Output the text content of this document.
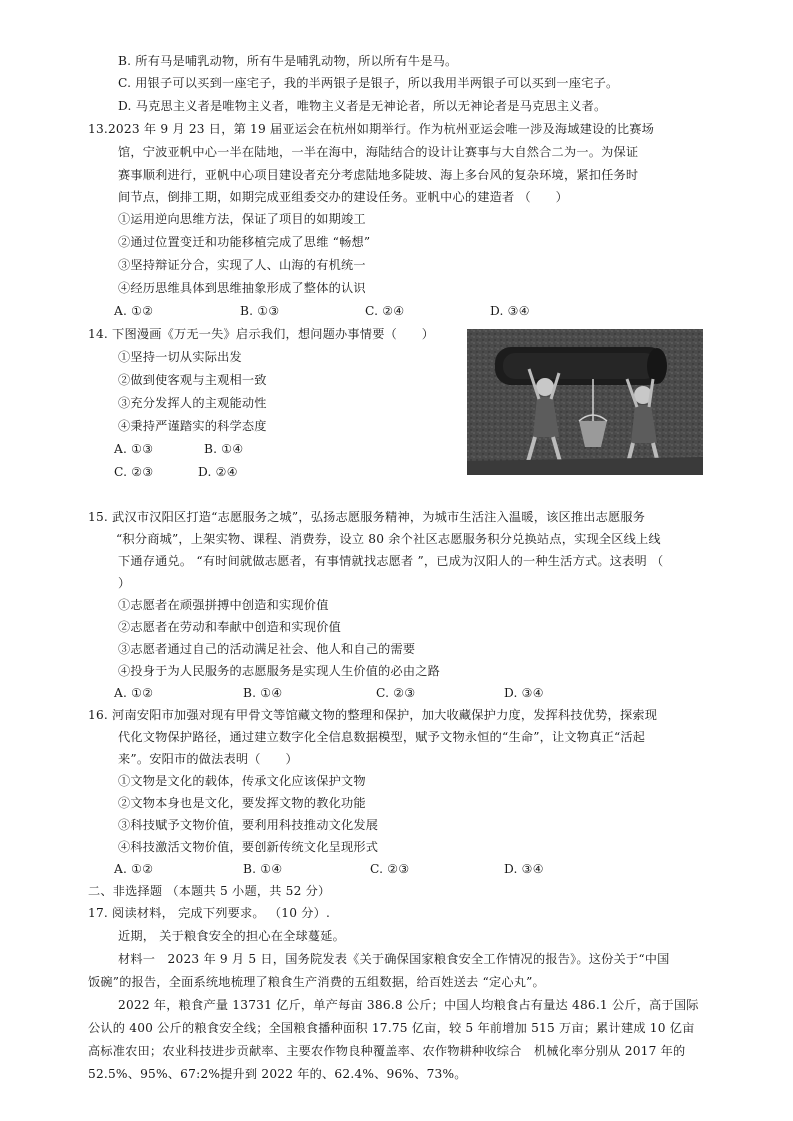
B. 所有马是哺乳动物，所有牛是哺乳动物，所以所有牛是马。
C. 用银子可以买到一座宅子，我的半两银子是银子，所以我用半两银子可以买到一座宅子。
D. 马克思主义者是唯物主义者，唯物主义者是无神论者，所以无神论者是马克思主义者。
13.2023 年 9 月 23 日，第 19 届亚运会在杭州如期举行。作为杭州亚运会唯一涉及海域建设的比赛场
馆，宁波亚帆中心一半在陆地，一半在海中，海陆结合的设计让赛事与大自然合二为一。为保证
赛事顺利进行，亚帆中心项目建设者充分考虑陆地多陡坡、海上多台风的复杂环境，紧扣任务时
间节点，倒排工期，如期完成亚组委交办的建设任务。亚帆中心的建造者 （　　）
①运用逆向思维方法，保证了项目的如期竣工
②通过位置变迁和功能移植完成了思维 “畅想”
③坚持辩证分合，实现了人、山海的有机统一
④经历思维具体到思维抽象形成了整体的认识
A. ①②	B. ①③	C. ②④	D. ③④
14. 下图漫画《万无一失》启示我们，想问题办事情要（　　）
①坚持一切从实际出发
②做到使客观与主观相一致
③充分发挥人的主观能动性
④秉持严谨踏实的科学态度
A. ①③	B. ①④
C. ②③	D. ②④
15. 武汉市汉阳区打造“志愿服务之城”，弘扬志愿服务精神，为城市生活注入温暖，该区推出志愿服务
“积分商城”，上架实物、课程、消费券，设立 80 余个社区志愿服务积分兑换站点，实现全区线上线
下通存通兑。 “有时间就做志愿者，有事情就找志愿者 ”，已成为汉阳人的一种生活方式。这表明 （
）
①志愿者在顽强拼搏中创造和实现价值
②志愿者在劳动和奉献中创造和实现价值
③志愿者通过自己的活动满足社会、他人和自己的需要
④投身于为人民服务的志愿服务是实现人生价值的必由之路
A. ①②	B. ①④	C. ②③	D. ③④
16. 河南安阳市加强对现有甲骨文等馆藏文物的整理和保护，加大收藏保护力度，发挥科技优势，探索现
代化文物保护路径，通过建立数字化全信息数据模型，赋予文物永恒的“生命”，让文物真正“活起
来”。安阳市的做法表明（　　）
①文物是文化的载体，传承文化应该保护文物
②文物本身也是文化，要发挥文物的教化功能
③科技赋予文物价值，要利用科技推动文化发展
④科技激活文物价值，要创新传统文化呈现形式
A. ①②	B. ①④	C. ②③	D. ③④
二、非选择题 （本题共 5 小题，共 52 分）
17. 阅读材料， 完成下列要求。 （10 分）.
近期， 关于粮食安全的担心在全球蔓延。
材料一　2023 年 9 月 5 日，国务院发表《关于确保国家粮食安全工作情况的报告》。这份关于“中国
饭碗”的报告，全面系统地梳理了粮食生产消费的五组数据，给百姓送去 “定心丸”。
2022 年，粮食产量 13731 亿斤，单产每亩 386.8 公斤；中国人均粮食占有量达 486.1 公斤，高于国际
公认的 400 公斤的粮食安全线；全国粮食播种面积 17.75 亿亩，较 5 年前增加 515 万亩；累计建成 10 亿亩
高标准农田；农业科技进步贡献率、主要农作物良种覆盖率、农作物耕种收综合　机械化率分别从 2017 年的
52.5%、95%、67:2%提升到 2022 年的、62.4%、96%、73%。
